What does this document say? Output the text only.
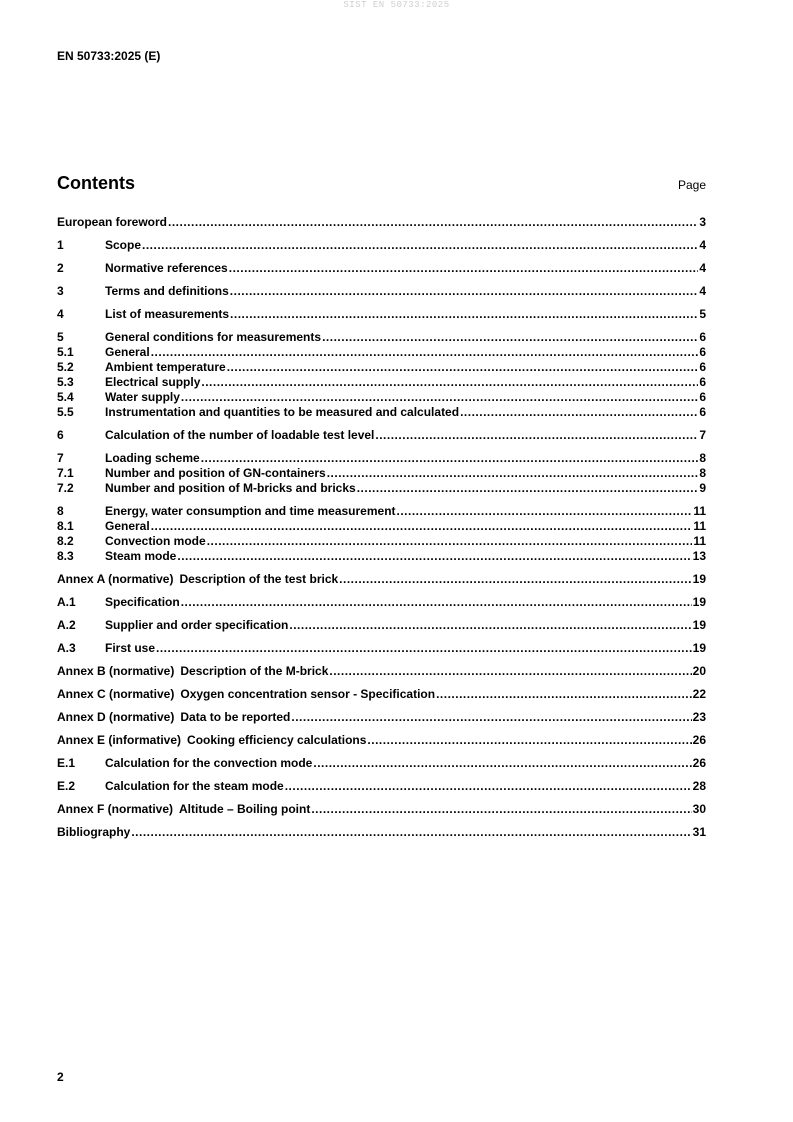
SIST EN 50733:2025
EN 50733:2025 (E)
Contents	Page
European foreword .....	3
1	Scope .....	4
2	Normative references .....	4
3	Terms and definitions .....	4
4	List of measurements .....	5
5	General conditions for measurements .....	6
5.1	General .....	6
5.2	Ambient temperature .....	6
5.3	Electrical supply .....	6
5.4	Water supply .....	6
5.5	Instrumentation and quantities to be measured and calculated .....	6
6	Calculation of the number of loadable test level .....	7
7	Loading scheme .....	8
7.1	Number and position of GN-containers .....	8
7.2	Number and position of M-bricks and bricks .....	9
8	Energy, water consumption and time measurement .....	11
8.1	General .....	11
8.2	Convection mode .....	11
8.3	Steam mode .....	13
Annex A (normative) Description of the test brick .....	19
A.1	Specification .....	19
A.2	Supplier and order specification .....	19
A.3	First use .....	19
Annex B (normative) Description of the M-brick .....	20
Annex C (normative) Oxygen concentration sensor - Specification .....	22
Annex D (normative) Data to be reported .....	23
Annex E (informative) Cooking efficiency calculations .....	26
E.1	Calculation for the convection mode .....	26
E.2	Calculation for the steam mode .....	28
Annex F (normative) Altitude – Boiling point .....	30
Bibliography .....	31
2
